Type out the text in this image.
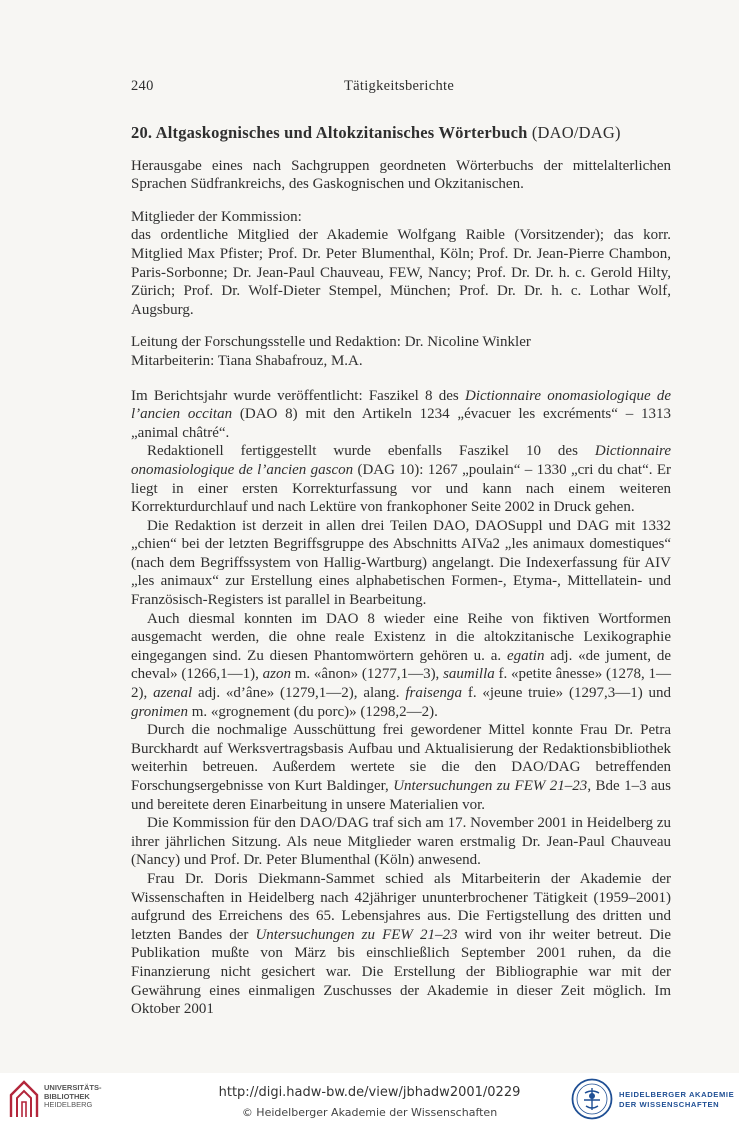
240	Tätigkeitsberichte

20. Altgaskognisches und Altokzitanisches Wörterbuch (DAO/DAG)

Herausgabe eines nach Sachgruppen geordneten Wörterbuchs der mittelalterlichen Sprachen Südfrankreichs, des Gaskognischen und Okzitanischen.

Mitglieder der Kommission:

das ordentliche Mitglied der Akademie Wolfgang Raible (Vorsitzender); das korr. Mitglied Max Pfister; Prof. Dr. Peter Blumenthal, Köln; Prof. Dr. Jean-Pierre Chambon, Paris-Sorbonne; Dr. Jean-Paul Chauveau, FEW, Nancy; Prof. Dr. Dr. h. c. Gerold Hilty, Zürich; Prof. Dr. Wolf-Dieter Stempel, München; Prof. Dr. Dr. h. c. Lothar Wolf, Augsburg.

Leitung der Forschungsstelle und Redaktion: Dr. Nicoline Winkler

Mitarbeiterin: Tiana Shabafrouz, M.A.

Im Berichtsjahr wurde veröffentlicht: Faszikel 8 des Dictionnaire onomasiologique de l’ancien occitan (DAO 8) mit den Artikeln 1234 „évacuer les excréments“ – 1313 „animal châtré“.

Redaktionell fertiggestellt wurde ebenfalls Faszikel 10 des Dictionnaire onomasiologique de l’ancien gascon (DAG 10): 1267 „poulain“ – 1330 „cri du chat“. Er liegt in einer ersten Korrekturfassung vor und kann nach einem weiteren Korrekturdurchlauf und nach Lektüre von frankophoner Seite 2002 in Druck gehen.

Die Redaktion ist derzeit in allen drei Teilen DAO, DAOSuppl und DAG mit 1332 „chien“ bei der letzten Begriffsgruppe des Abschnitts AIVa2 „les animaux domestiques“ (nach dem Begriffssystem von Hallig-Wartburg) angelangt. Die Indexerfassung für AIV „les animaux“ zur Erstellung eines alphabetischen Formen-, Etyma-, Mittellatein- und Französisch-Registers ist parallel in Bearbeitung.

Auch diesmal konnten im DAO 8 wieder eine Reihe von fiktiven Wortformen ausgemacht werden, die ohne reale Existenz in die altokzitanische Lexikographie eingegangen sind. Zu diesen Phantomwörtern gehören u. a. egatin adj. «de jument, de cheval» (1266,1—1), azon m. «ânon» (1277,1—3), saumilla f. «petite ânesse» (1278, 1—2), azenal adj. «d’âne» (1279,1—2), alang. fraisenga f. «jeune truie» (1297,3—1) und gronimen m. «grognement (du porc)» (1298,2—2).

Durch die nochmalige Ausschüttung frei gewordener Mittel konnte Frau Dr. Petra Burckhardt auf Werksvertragsbasis Aufbau und Aktualisierung der Redaktionsbibliothek weiterhin betreuen. Außerdem wertete sie die den DAO/DAG betreffenden Forschungsergebnisse von Kurt Baldinger, Untersuchungen zu FEW 21–23, Bde 1–3 aus und bereitete deren Einarbeitung in unsere Materialien vor.

Die Kommission für den DAO/DAG traf sich am 17. November 2001 in Heidelberg zu ihrer jährlichen Sitzung. Als neue Mitglieder waren erstmalig Dr. Jean-Paul Chauveau (Nancy) und Prof. Dr. Peter Blumenthal (Köln) anwesend.

Frau Dr. Doris Diekmann-Sammet schied als Mitarbeiterin der Akademie der Wissenschaften in Heidelberg nach 42jähriger ununterbrochener Tätigkeit (1959–2001) aufgrund des Erreichens des 65. Lebensjahres aus. Die Fertigstellung des dritten und letzten Bandes der Untersuchungen zu FEW 21–23 wird von ihr weiter betreut. Die Publikation mußte von März bis einschließlich September 2001 ruhen, da die Finanzierung nicht gesichert war. Die Erstellung der Bibliographie war mit der Gewährung eines einmaligen Zuschusses der Akademie in dieser Zeit möglich. Im Oktober 2001

UNIVERSITÄTS-
BIBLIOTHEK
HEIDELBERG
http://digi.hadw-bw.de/view/jbhadw2001/0229
© Heidelberger Akademie der Wissenschaften
HEIDELBERGER AKADEMIE
DER WISSENSCHAFTEN
